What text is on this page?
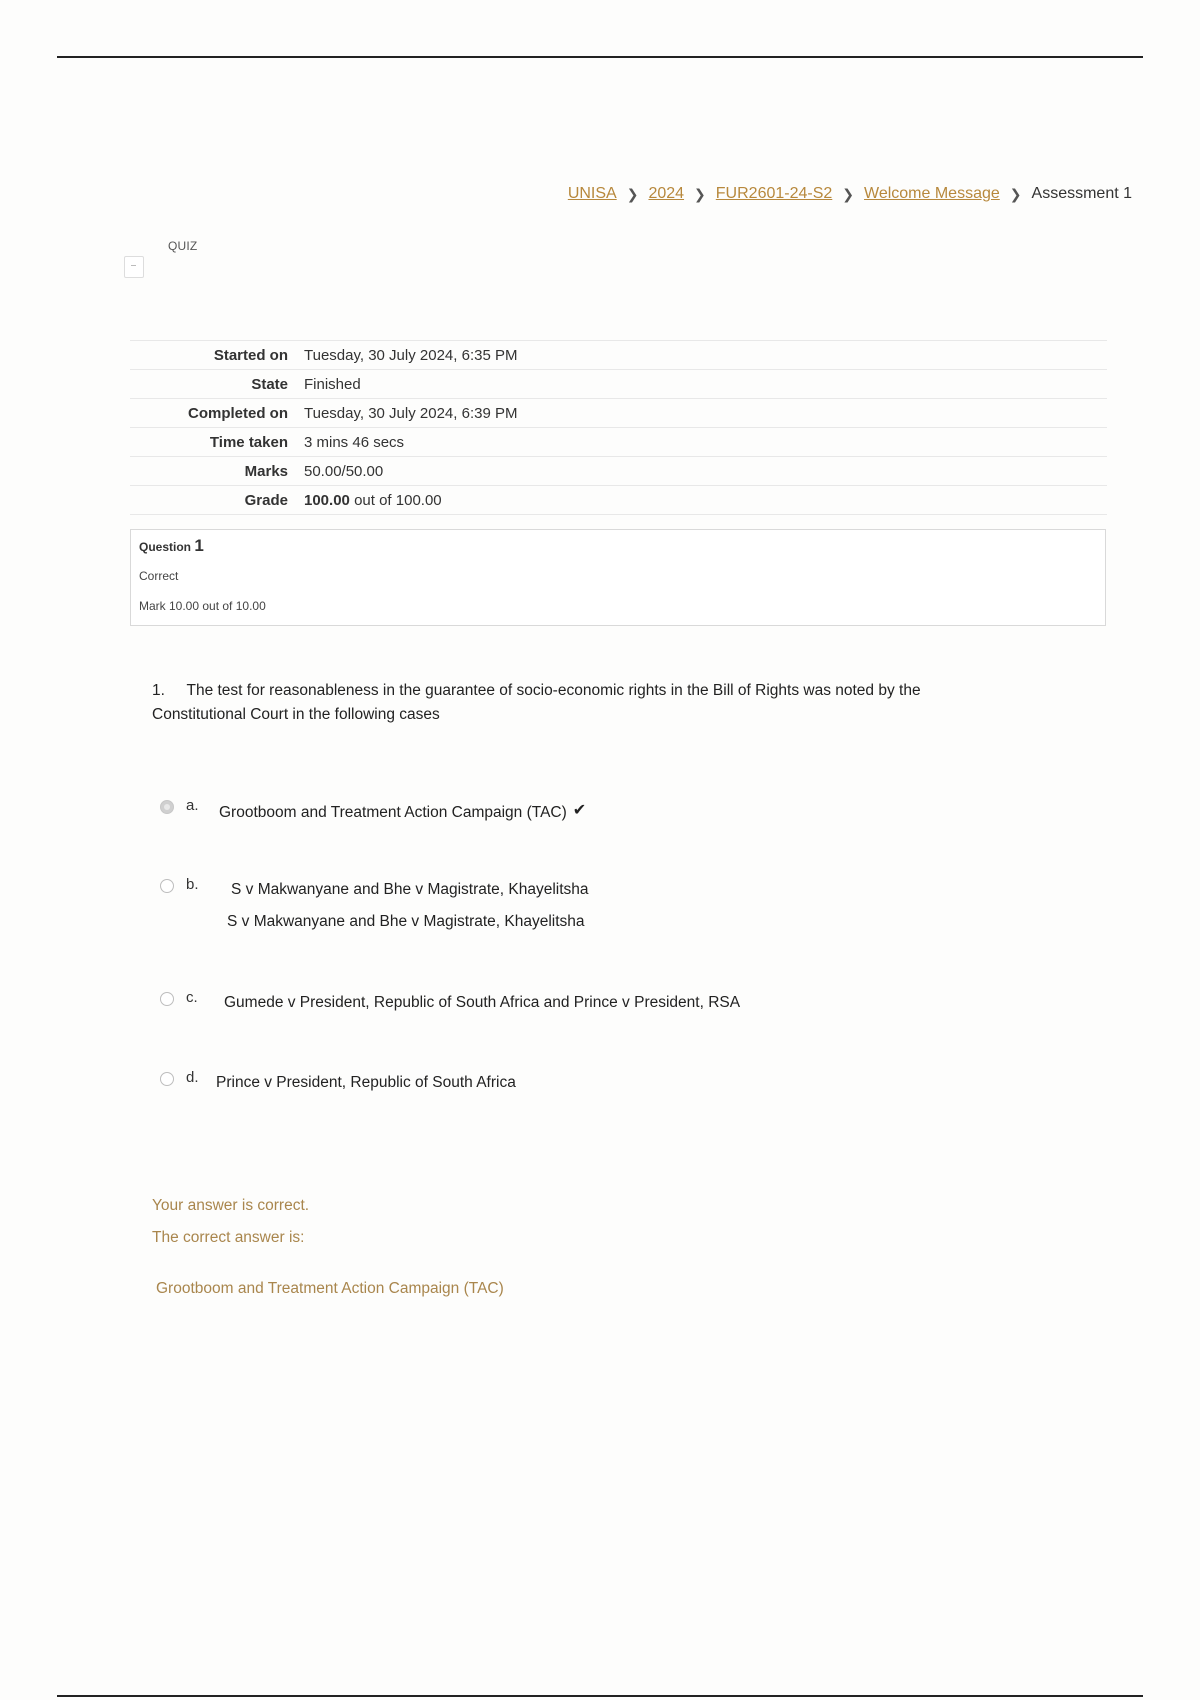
UNISA ❯ 2024 ❯ FUR2601-24-S2 ❯ Welcome Message ❯ Assessment 1
QUIZ
Started on	Tuesday, 30 July 2024, 6:35 PM
State	Finished
Completed on	Tuesday, 30 July 2024, 6:39 PM
Time taken	3 mins 46 secs
Marks	50.00/50.00
Grade	100.00 out of 100.00
Question 1
Correct
Mark 10.00 out of 10.00
1. The test for reasonableness in the guarantee of socio-economic rights in the Bill of Rights was noted by the Constitutional Court in the following cases
a. Grootboom and Treatment Action Campaign (TAC) ✔
b. S v Makwanyane and Bhe v Magistrate, Khayelitsha
S v Makwanyane and Bhe v Magistrate, Khayelitsha
c. Gumede v President, Republic of South Africa and Prince v President, RSA
d. Prince v President, Republic of South Africa
Your answer is correct.
The correct answer is:
Grootboom and Treatment Action Campaign (TAC)
